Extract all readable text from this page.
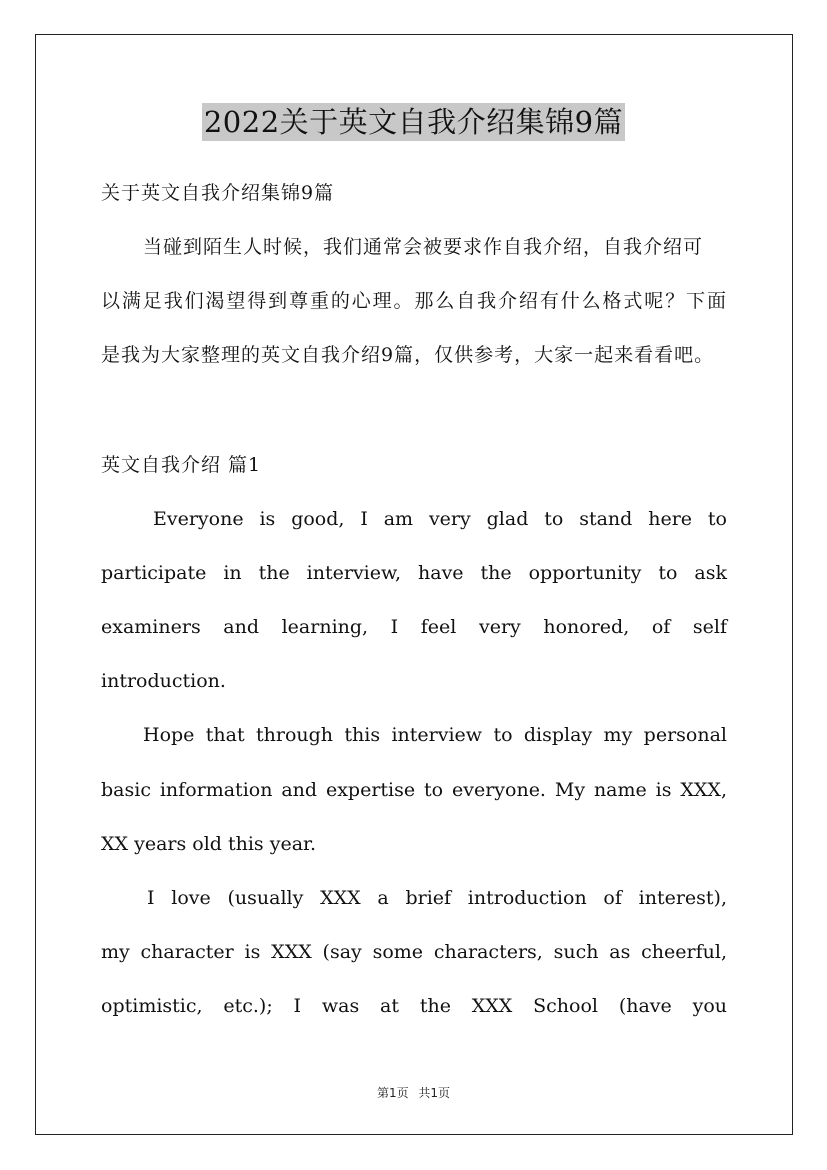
2022关于英文自我介绍集锦9篇
关于英文自我介绍集锦9篇
当碰到陌生人时候，我们通常会被要求作自我介绍，自我介绍可
以满足我们渴望得到尊重的心理。那么自我介绍有什么格式呢？下面
是我为大家整理的英文自我介绍9篇，仅供参考，大家一起来看看吧。
英文自我介绍 篇1
Everyone is good, I am very glad to stand here to
participate in the interview, have the opportunity to ask
examiners and learning, I feel very honored, of self
introduction.
Hope that through this interview to display my personal
basic information and expertise to everyone. My name is XXX,
XX years old this year.
I love (usually XXX a brief introduction of interest),
my character is XXX (say some characters, such as cheerful,
optimistic, etc.); I was at the XXX School (have you
第1页 共1页
